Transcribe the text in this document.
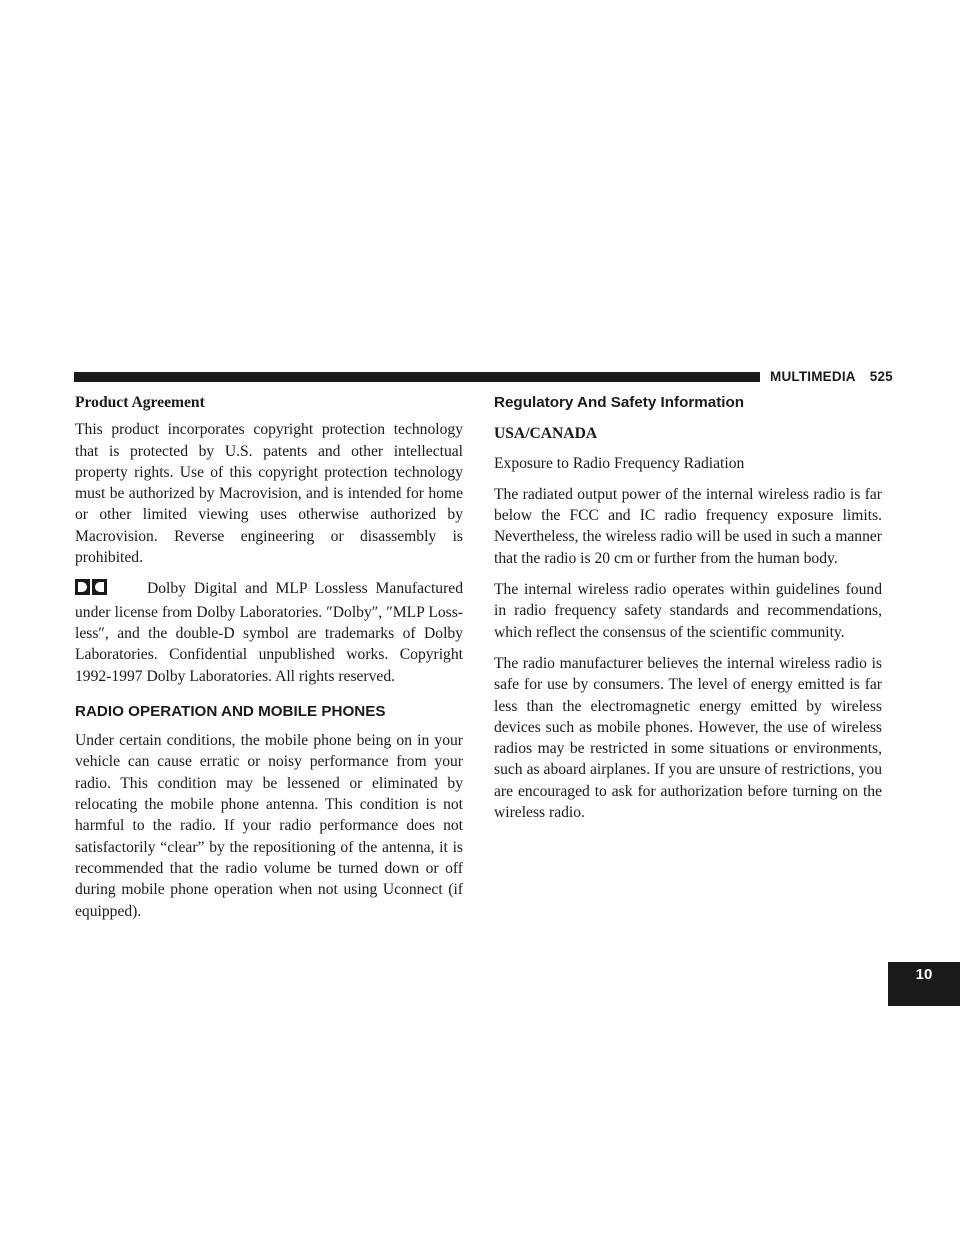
MULTIMEDIA 525
10

Product Agreement

This product incorporates copyright protection technology that is protected by U.S. patents and other intellectual property rights. Use of this copyright protection technology must be authorized by Macrovision, and is intended for home or other limited viewing uses otherwise authorized by Macrovision. Reverse engineering or disassembly is prohibited.

Dolby Digital and MLP Lossless Manufactured under license from Dolby Laboratories. ″Dolby″, ″MLP Lossless″, and the double-D symbol are trademarks of Dolby Laboratories. Confidential unpublished works. Copyright 1992-1997 Dolby Laboratories. All rights reserved.

RADIO OPERATION AND MOBILE PHONES

Under certain conditions, the mobile phone being on in your vehicle can cause erratic or noisy performance from your radio. This condition may be lessened or eliminated by relocating the mobile phone antenna. This condition is not harmful to the radio. If your radio performance does not satisfactorily “clear” by the repositioning of the antenna, it is recommended that the radio volume be turned down or off during mobile phone operation when not using Uconnect (if equipped).

Regulatory And Safety Information

USA/CANADA

Exposure to Radio Frequency Radiation

The radiated output power of the internal wireless radio is far below the FCC and IC radio frequency exposure limits. Nevertheless, the wireless radio will be used in such a manner that the radio is 20 cm or further from the human body.

The internal wireless radio operates within guidelines found in radio frequency safety standards and recommendations, which reflect the consensus of the scientific community.

The radio manufacturer believes the internal wireless radio is safe for use by consumers. The level of energy emitted is far less than the electromagnetic energy emitted by wireless devices such as mobile phones. However, the use of wireless radios may be restricted in some situations or environments, such as aboard airplanes. If you are unsure of restrictions, you are encouraged to ask for authorization before turning on the wireless radio.
